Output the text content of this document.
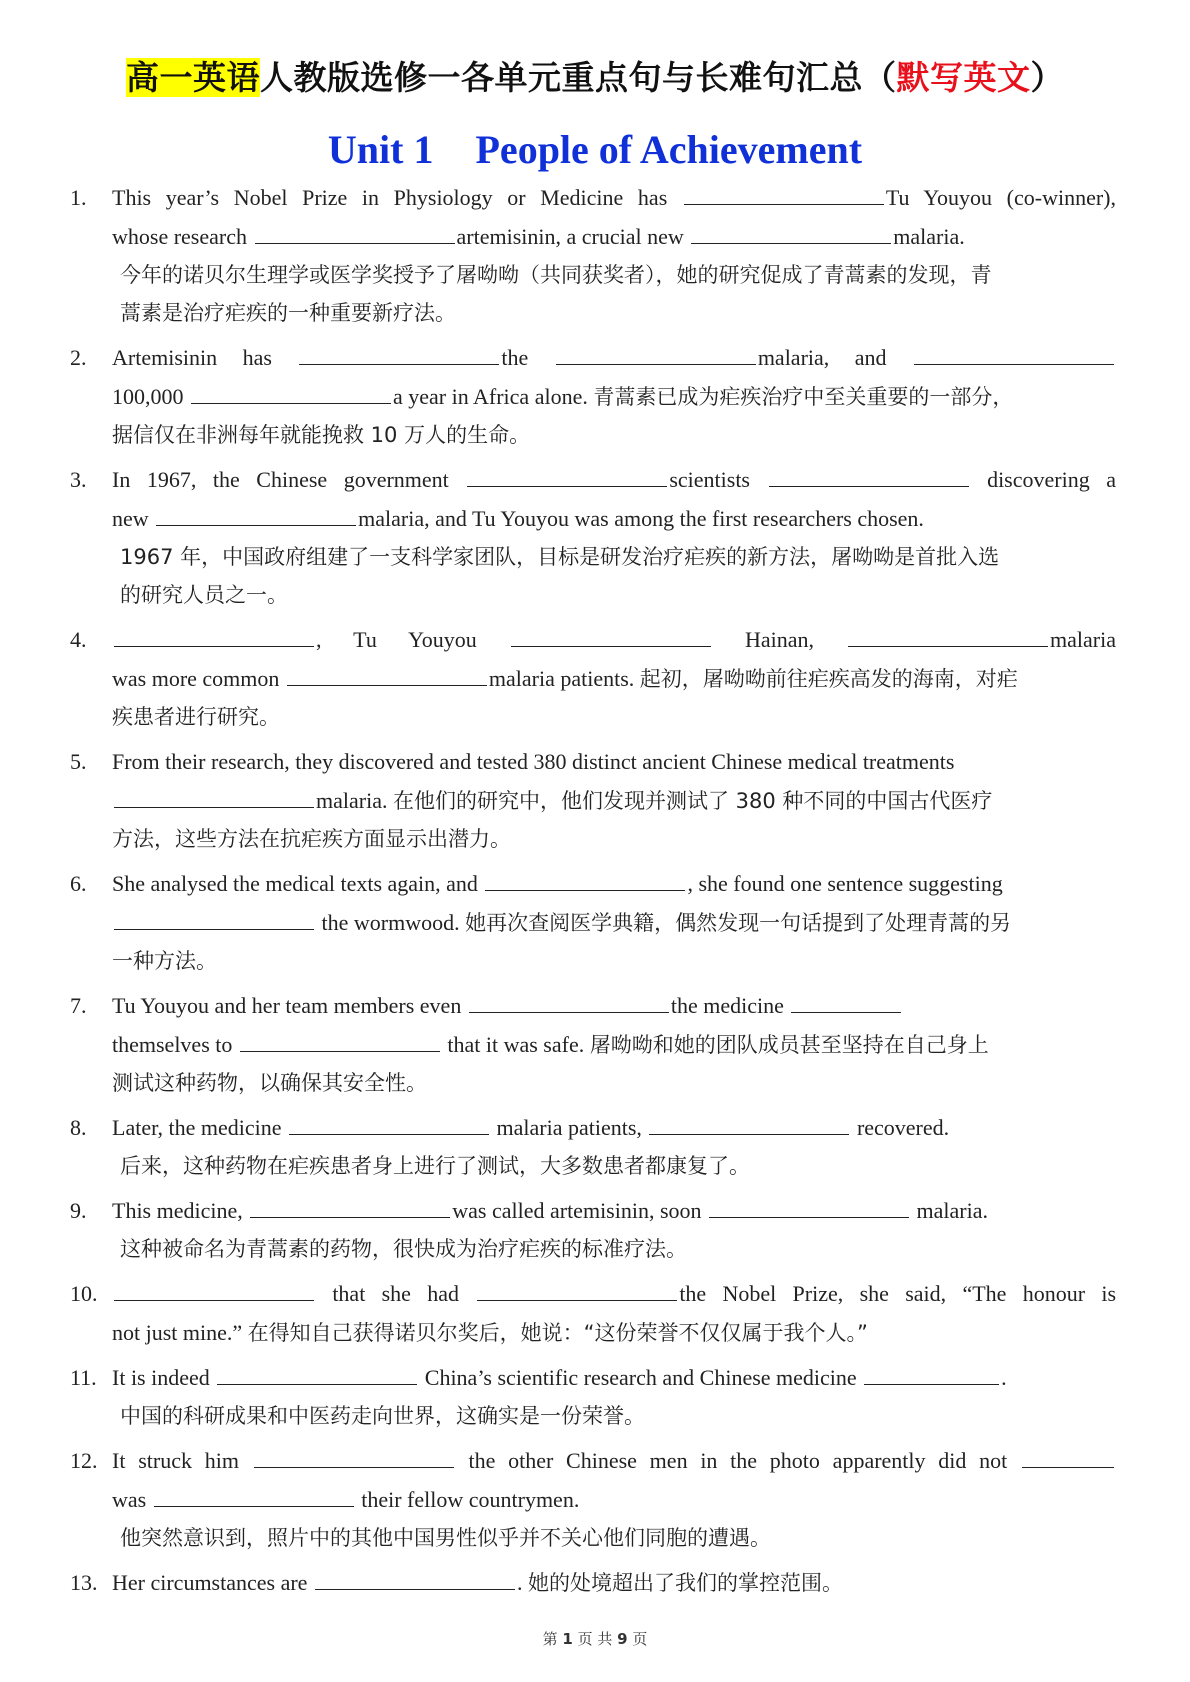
高一英语人教版选修一各单元重点句与长难句汇总（默写英文）
Unit 1 People of Achievement
1. This year’s Nobel Prize in Physiology or Medicine has	Tu Youyou (co-winner),
whose research	artemisinin, a crucial new	malaria.
今年的诺贝尔生理学或医学奖授予了屠呦呦（共同获奖者），她的研究促成了青蒿素的发现，青
蒿素是治疗疟疾的一种重要新疗法。
2. Artemisinin has	the	malaria, and
100,000	a year in Africa alone. 青蒿素已成为疟疾治疗中至关重要的一部分，
据信仅在非洲每年就能挽救 10 万人的生命。
3. In 1967, the Chinese government	scientists	discovering a
new	malaria, and Tu Youyou was among the first researchers chosen.
1967 年，中国政府组建了一支科学家团队，目标是研发治疗疟疾的新方法，屠呦呦是首批入选
的研究人员之一。
4.	, Tu Youyou	Hainan,	malaria
was more common	malaria patients. 起初，屠呦呦前往疟疾高发的海南，对疟
疾患者进行研究。
5. From their research, they discovered and tested 380 distinct ancient Chinese medical treatments
malaria. 在他们的研究中，他们发现并测试了 380 种不同的中国古代医疗
方法，这些方法在抗疟疾方面显示出潜力。
6. She analysed the medical texts again, and	, she found one sentence suggesting
the wormwood. 她再次查阅医学典籍，偶然发现一句话提到了处理青蒿的另
一种方法。
7. Tu Youyou and her team members even	the medicine
themselves to	that it was safe. 屠呦呦和她的团队成员甚至坚持在自己身上
测试这种药物，以确保其安全性。
8. Later, the medicine	malaria patients,	recovered.
后来，这种药物在疟疾患者身上进行了测试，大多数患者都康复了。
9. This medicine,	was called artemisinin, soon	malaria.
这种被命名为青蒿素的药物，很快成为治疗疟疾的标准疗法。
10.	that she had	the Nobel Prize, she said, “The honour is
not just mine.” 在得知自己获得诺贝尔奖后，她说：“这份荣誉不仅仅属于我个人。”
11. It is indeed	China’s scientific research and Chinese medicine	.
中国的科研成果和中医药走向世界，这确实是一份荣誉。
12. It struck him	the other Chinese men in the photo apparently did not
was	their fellow countrymen.
他突然意识到，照片中的其他中国男性似乎并不关心他们同胞的遭遇。
13. Her circumstances are	. 她的处境超出了我们的掌控范围。
第 1 页 共 9 页
